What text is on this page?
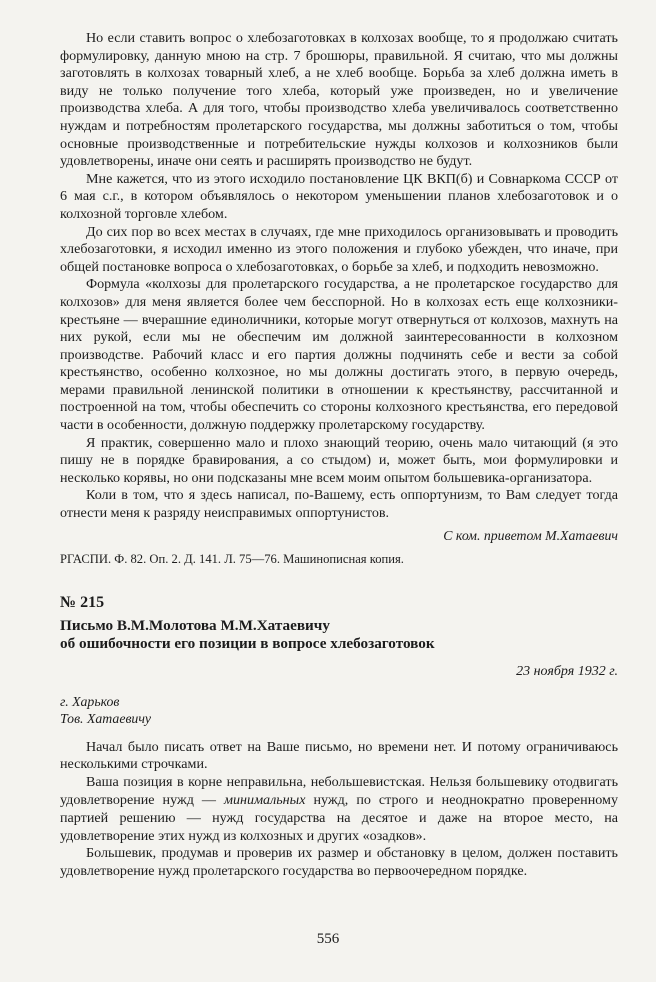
Но если ставить вопрос о хлебозаготовках в колхозах вообще, то я продолжаю считать формулировку, данную мною на стр. 7 брошюры, правильной. Я считаю, что мы должны заготовлять в колхозах товарный хлеб, а не хлеб вообще. Борьба за хлеб должна иметь в виду не только получение того хлеба, который уже произведен, но и увеличение производства хлеба. А для того, чтобы производство хлеба увеличивалось соответственно нуждам и потребностям пролетарского государства, мы должны заботиться о том, чтобы основные производственные и потребительские нужды колхозов и колхозников были удовлетворены, иначе они сеять и расширять производство не будут.

Мне кажется, что из этого исходило постановление ЦК ВКП(б) и Совнаркома СССР от 6 мая с.г., в котором объявлялось о некотором уменьшении планов хлебозаготовок и о колхозной торговле хлебом.

До сих пор во всех местах в случаях, где мне приходилось организовывать и проводить хлебозаготовки, я исходил именно из этого положения и глубоко убежден, что иначе, при общей постановке вопроса о хлебозаготовках, о борьбе за хлеб, и подходить невозможно.

Формула «колхозы для пролетарского государства, а не пролетарское государство для колхозов» для меня является более чем бесспорной. Но в колхозах есть еще колхозники-крестьяне — вчерашние единоличники, которые могут отвернуться от колхозов, махнуть на них рукой, если мы не обеспечим им должной заинтересованности в колхозном производстве. Рабочий класс и его партия должны подчинять себе и вести за собой крестьянство, особенно колхозное, но мы должны достигать этого, в первую очередь, мерами правильной ленинской политики в отношении к крестьянству, рассчитанной и построенной на том, чтобы обеспечить со стороны колхозного крестьянства, его передовой части в особенности, должную поддержку пролетарскому государству.

Я практик, совершенно мало и плохо знающий теорию, очень мало читающий (я это пишу не в порядке бравирования, а со стыдом) и, может быть, мои формулировки и несколько корявы, но они подсказаны мне всем моим опытом большевика-организатора.

Коли в том, что я здесь написал, по-Вашему, есть оппортунизм, то Вам следует тогда отнести меня к разряду неисправимых оппортунистов.

С ком. приветом М.Хатаевич
РГАСПИ. Ф. 82. Оп. 2. Д. 141. Л. 75—76. Машинописная копия.
№ 215
Письмо В.М.Молотова М.М.Хатаевичу
об ошибочности его позиции в вопросе хлебозаготовок
23 ноября 1932 г.
г. Харьков
Тов. Хатаевичу

Начал было писать ответ на Ваше письмо, но времени нет. И потому ограничиваюсь несколькими строчками.

Ваша позиция в корне неправильна, небольшевистская. Нельзя большевику отодвигать удовлетворение нужд — минимальных нужд, по строго и неоднократно проверенному партией решению — нужд государства на десятое и даже на второе место, на удовлетворение этих нужд из колхозных и других «озадков».

Большевик, продумав и проверив их размер и обстановку в целом, должен поставить удовлетворение нужд пролетарского государства во первоочередном порядке.

556
